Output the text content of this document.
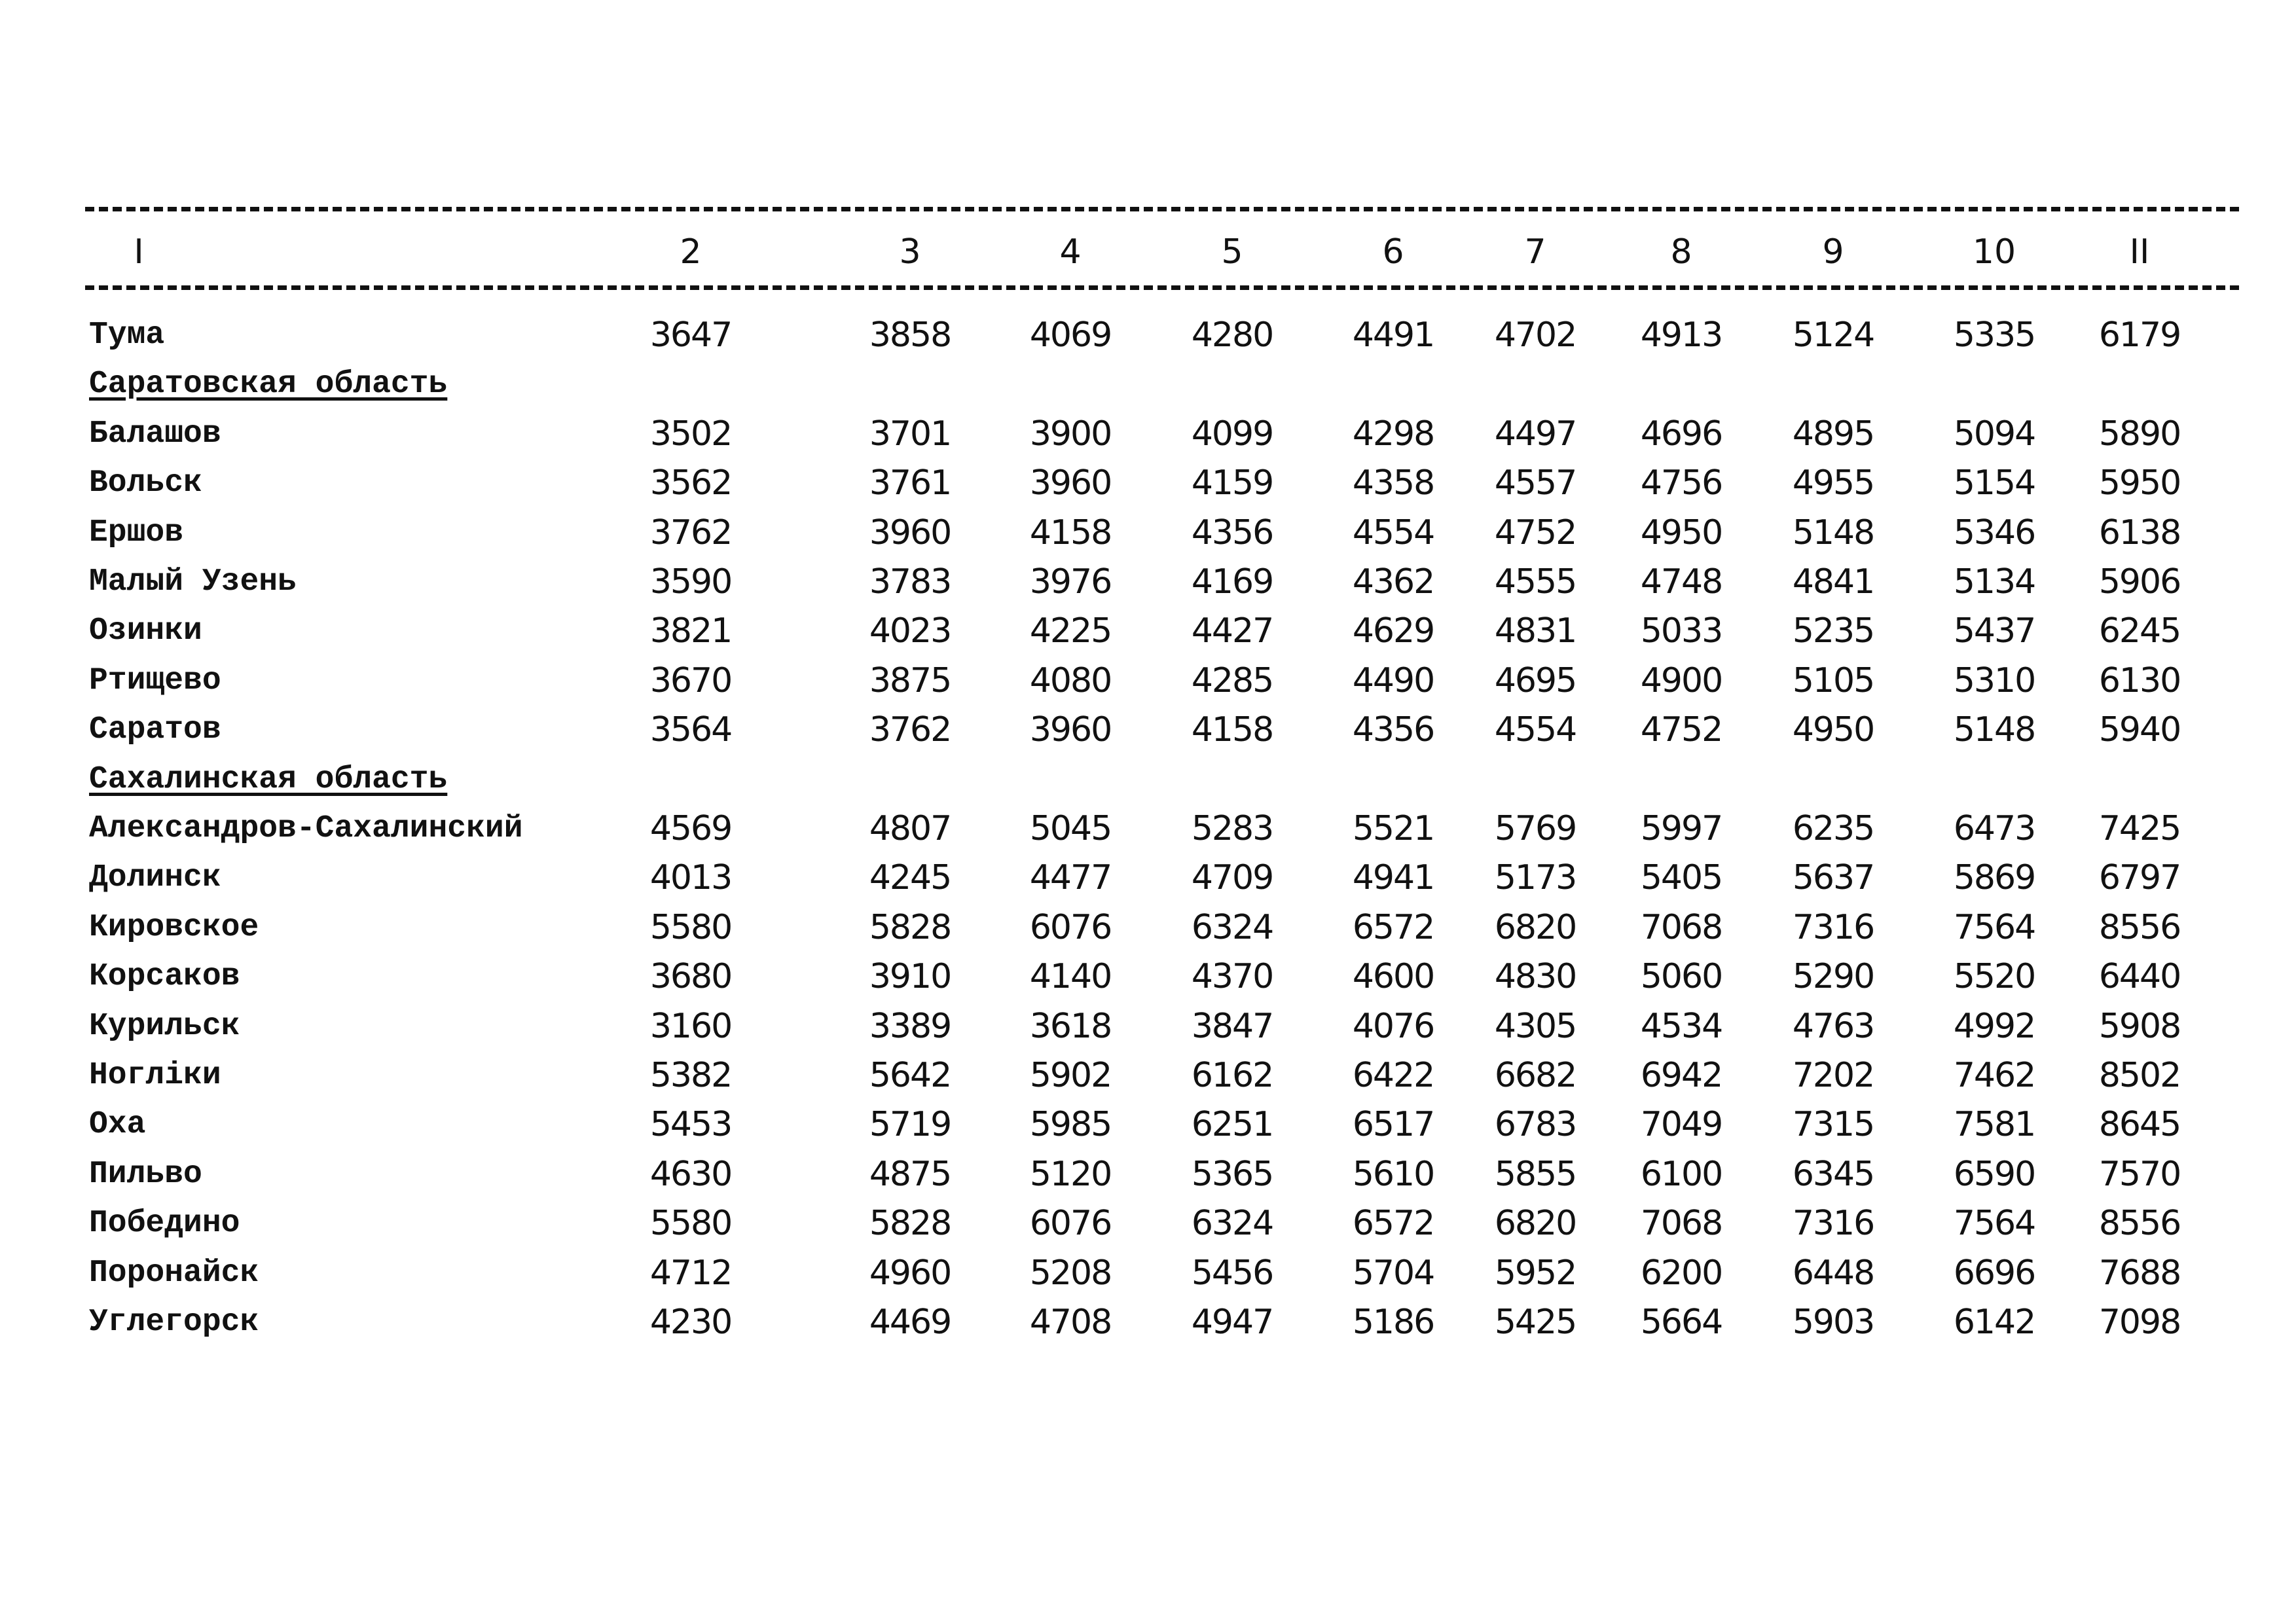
I	2	3	4	5	6	7	8	9	10	II
Тума	3647	3858	4069	4280	4491	4702	4913	5124	5335	6179
Саратовская область
Балашов	3502	3701	3900	4099	4298	4497	4696	4895	5094	5890
Вольск	3562	3761	3960	4159	4358	4557	4756	4955	5154	5950
Ершов	3762	3960	4158	4356	4554	4752	4950	5148	5346	6138
Малый Узень	3590	3783	3976	4169	4362	4555	4748	4841	5134	5906
Озинки	3821	4023	4225	4427	4629	4831	5033	5235	5437	6245
Ртищево	3670	3875	4080	4285	4490	4695	4900	5105	5310	6130
Саратов	3564	3762	3960	4158	4356	4554	4752	4950	5148	5940
Сахалинская область
Александров-Сахалинский	4569	4807	5045	5283	5521	5769	5997	6235	6473	7425
Долинск	4013	4245	4477	4709	4941	5173	5405	5637	5869	6797
Кировское	5580	5828	6076	6324	6572	6820	7068	7316	7564	8556
Корсаков	3680	3910	4140	4370	4600	4830	5060	5290	5520	6440
Курильск	3160	3389	3618	3847	4076	4305	4534	4763	4992	5908
Ногліки	5382	5642	5902	6162	6422	6682	6942	7202	7462	8502
Оха	5453	5719	5985	6251	6517	6783	7049	7315	7581	8645
Пильво	4630	4875	5120	5365	5610	5855	6100	6345	6590	7570
Победино	5580	5828	6076	6324	6572	6820	7068	7316	7564	8556
Поронайск	4712	4960	5208	5456	5704	5952	6200	6448	6696	7688
Углегорск	4230	4469	4708	4947	5186	5425	5664	5903	6142	7098
